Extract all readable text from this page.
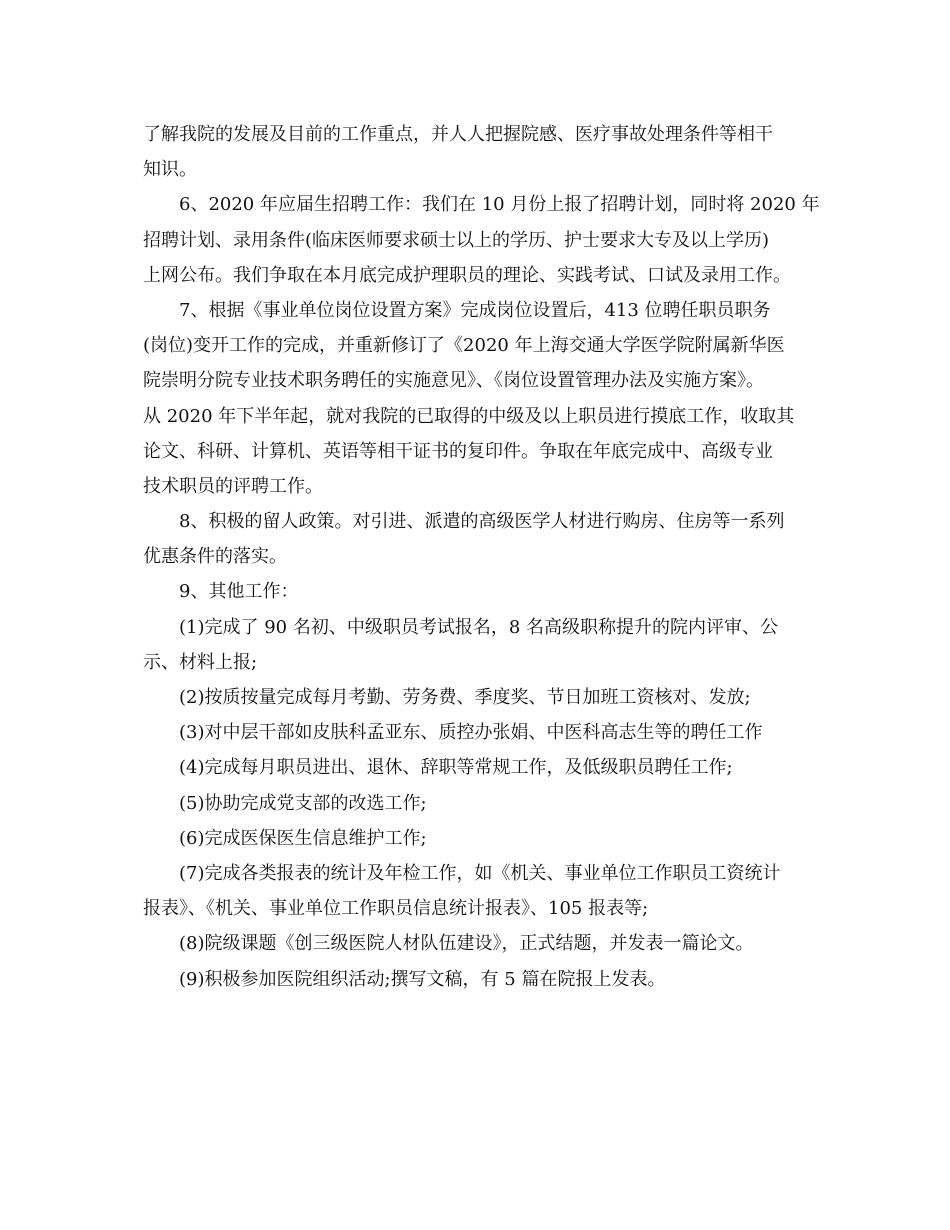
了解我院的发展及目前的工作重点，并人人把握院感、医疗事故处理条件等相干
知识。
6、2020 年应届生招聘工作：我们在 10 月份上报了招聘计划，同时将 2020 年
招聘计划、录用条件(临床医师要求硕士以上的学历、护士要求大专及以上学历)
上网公布。我们争取在本月底完成护理职员的理论、实践考试、口试及录用工作。
7、根据《事业单位岗位设置方案》完成岗位设置后，413 位聘任职员职务
(岗位)变开工作的完成，并重新修订了《2020 年上海交通大学医学院附属新华医
院崇明分院专业技术职务聘任的实施意见》、《岗位设置管理办法及实施方案》。
从 2020 年下半年起，就对我院的已取得的中级及以上职员进行摸底工作，收取其
论文、科研、计算机、英语等相干证书的复印件。争取在年底完成中、高级专业
技术职员的评聘工作。
8、积极的留人政策。对引进、派遣的高级医学人材进行购房、住房等一系列
优惠条件的落实。
9、其他工作：
(1)完成了 90 名初、中级职员考试报名，8 名高级职称提升的院内评审、公
示、材料上报;
(2)按质按量完成每月考勤、劳务费、季度奖、节日加班工资核对、发放;
(3)对中层干部如皮肤科孟亚东、质控办张娟、中医科高志生等的聘任工作
(4)完成每月职员进出、退休、辞职等常规工作，及低级职员聘任工作;
(5)协助完成党支部的改选工作;
(6)完成医保医生信息维护工作;
(7)完成各类报表的统计及年检工作，如《机关、事业单位工作职员工资统计
报表》、《机关、事业单位工作职员信息统计报表》、105 报表等;
(8)院级课题《创三级医院人材队伍建设》，正式结题，并发表一篇论文。
(9)积极参加医院组织活动;撰写文稿，有 5 篇在院报上发表。
